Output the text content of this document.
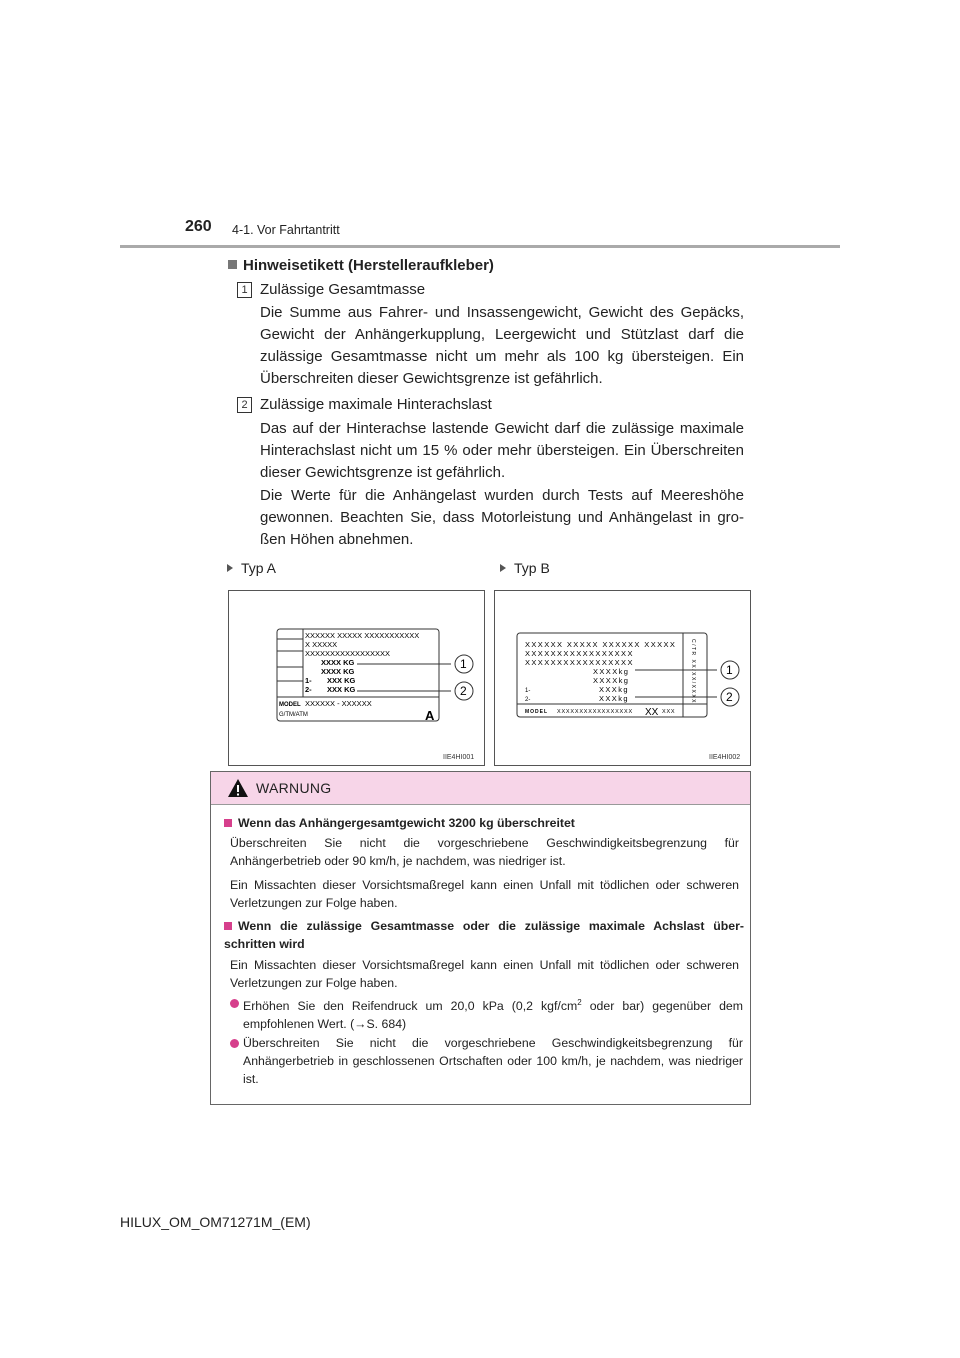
260 4-1. Vor Fahrtantritt
Hinweisetikett (Herstelleraufkleber)
1 Zulässige Gesamtmasse
Die Summe aus Fahrer- und Insassengewicht, Gewicht des Gepäcks, Gewicht der Anhängerkupplung, Leergewicht und Stützlast darf die zulässige Gesamtmasse nicht um mehr als 100 kg übersteigen. Ein Überschreiten dieser Gewichtsgrenze ist gefährlich.
2 Zulässige maximale Hinterachslast
Das auf der Hinterachse lastende Gewicht darf die zulässige maximale Hinterachslast nicht um 15 % oder mehr übersteigen. Ein Überschreiten dieser Gewichtsgrenze ist gefährlich.
Die Werte für die Anhängelast wurden durch Tests auf Meereshöhe gewonnen. Beachten Sie, dass Motorleistung und Anhängelast in gro-ßen Höhen abnehmen.
Typ A	Typ B
XXXXXX XXXXX XXXXXXXXXXX
X XXXXX
XXXXXXXXXXXXXXXXX
XXXX KG
XXXX KG
XXX KG
XXX KG
1-
2-
MODEL XXXXXX - XXXXXX
G/TM/ATM	A
1
2
IIE4HI001
XXXXXX XXXXX XXXXXX XXXXX
XXXXXXXXXXXXXXXXX
XXXXXXXXXXXXXXXXX
XXXXkg
XXXXkg
XXXkg
XXXkg
1-
2-
MODEL XXXXXXXXXXXXXXXXX XX XXX
C/TR XX/XX/XXXX	1
2
IIE4HI002
WARNUNG
Wenn das Anhängergesamtgewicht 3200 kg überschreitet
Überschreiten Sie nicht die vorgeschriebene Geschwindigkeitsbegrenzung für Anhängerbetrieb oder 90 km/h, je nachdem, was niedriger ist.
Ein Missachten dieser Vorsichtsmaßregel kann einen Unfall mit tödlichen oder schweren Verletzungen zur Folge haben.
Wenn die zulässige Gesamtmasse oder die zulässige maximale Achslast über-schritten wird
Ein Missachten dieser Vorsichtsmaßregel kann einen Unfall mit tödlichen oder schweren Verletzungen zur Folge haben.
Erhöhen Sie den Reifendruck um 20,0 kPa (0,2 kgf/$cm^2$ oder bar) gegenüber dem empfohlenen Wert. (→S. 684)
Überschreiten Sie nicht die vorgeschriebene Geschwindigkeitsbegrenzung für Anhängerbetrieb in geschlossenen Ortschaften oder 100 km/h, je nachdem, was niedriger ist.
HILUX_OM_OM71271M_(EM)
